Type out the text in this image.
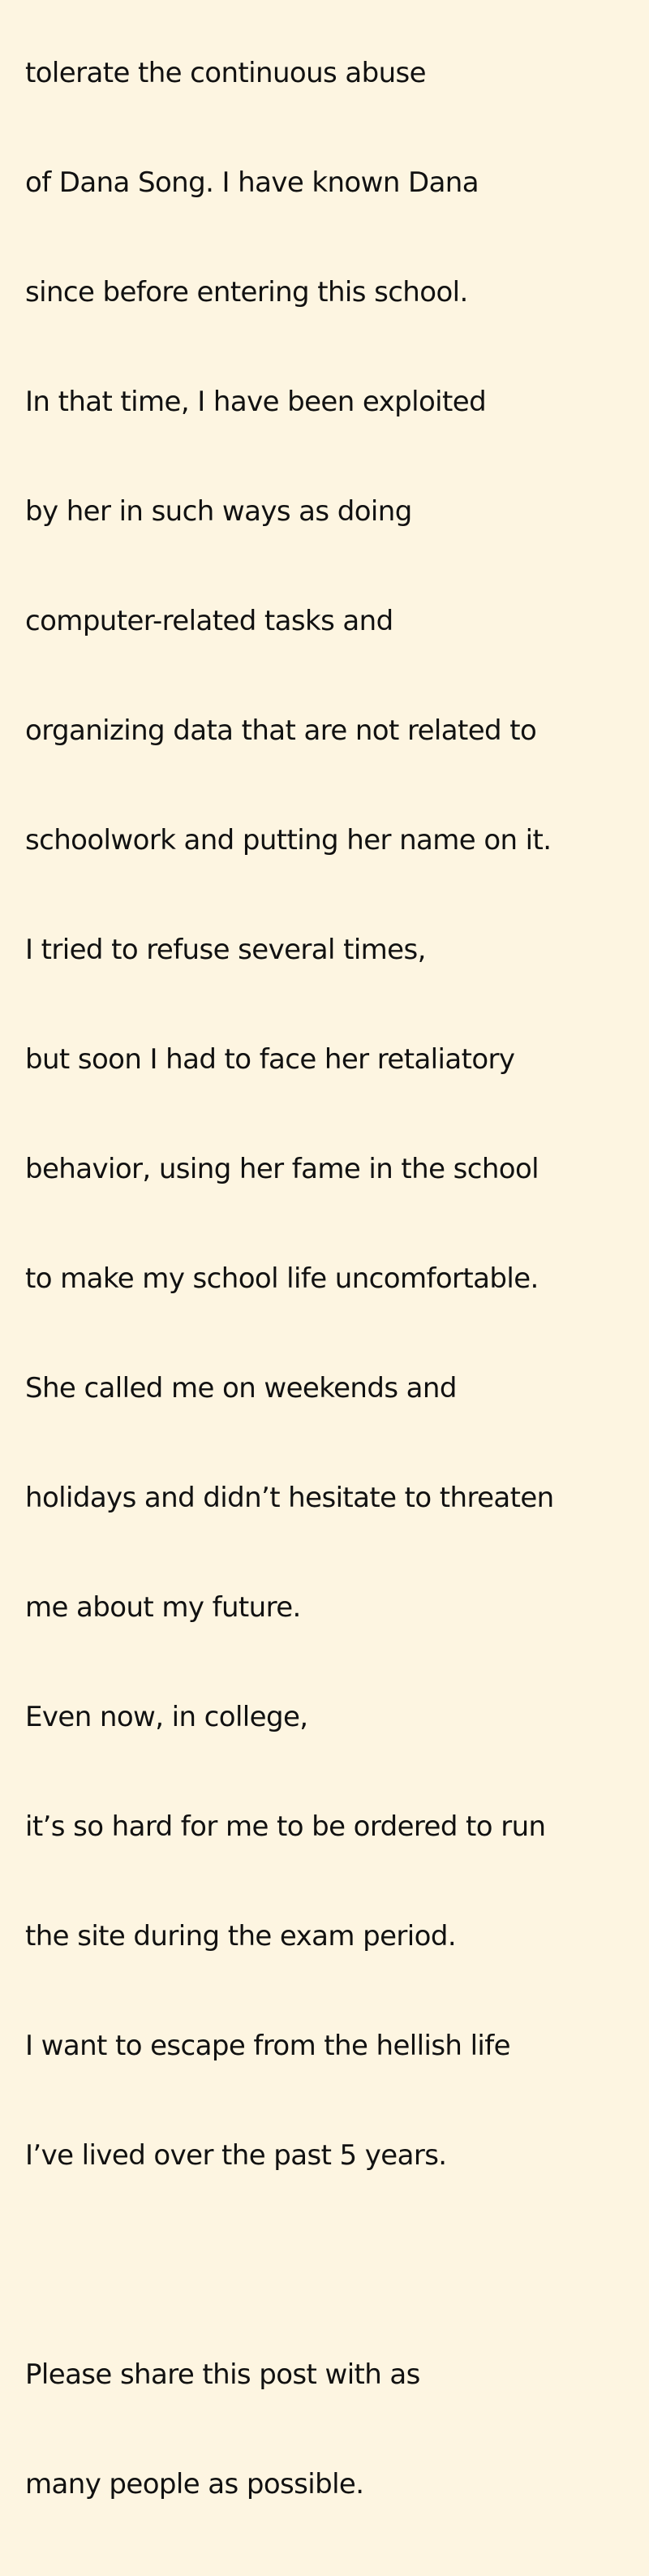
tolerate the continuous abuse

of Dana Song. I have known Dana

since before entering this school.

In that time, I have been exploited

by her in such ways as doing

computer-related tasks and

organizing data that are not related to

schoolwork and putting her name on it.

I tried to refuse several times,

but soon I had to face her retaliatory

behavior, using her fame in the school

to make my school life uncomfortable.

She called me on weekends and

holidays and didn’t hesitate to threaten

me about my future.

Even now, in college,

it’s so hard for me to be ordered to run

the site during the exam period.

I want to escape from the hellish life

I’ve lived over the past 5 years.

Please share this post with as

many people as possible.
